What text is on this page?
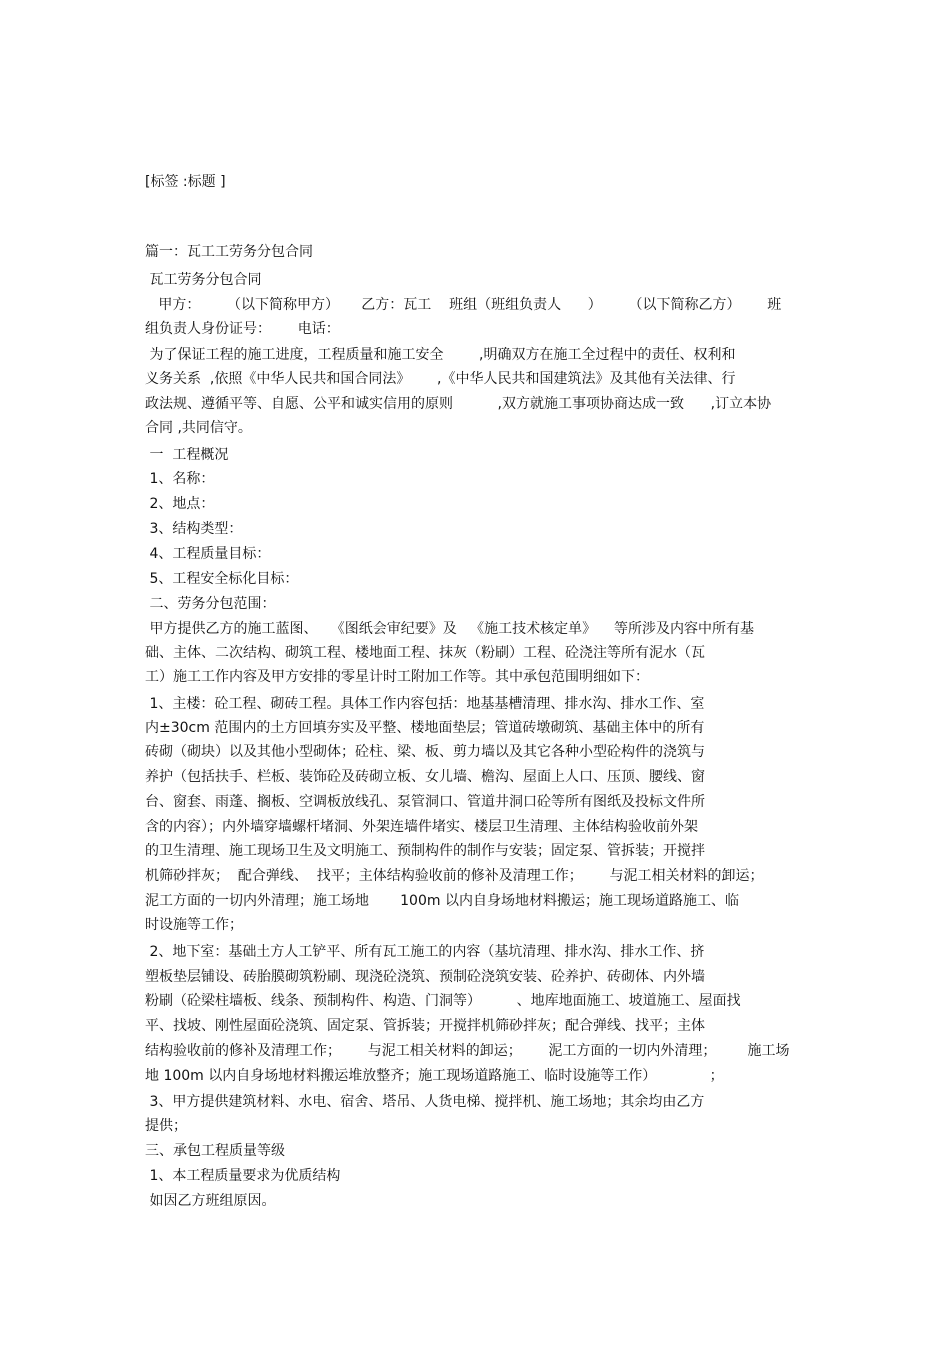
[标签 :标题 ]
篇一：瓦工工劳务分包合同
瓦工劳务分包合同
甲方：      （以下简称甲方）     乙方：瓦工    班组（班组负责人      ）      （以下简称乙方）      班
组负责人身份证号：      电话：
为了保证工程的施工进度，工程质量和施工安全        ,明确双方在施工全过程中的责任、权利和
义务关系  ,依照《中华人民共和国合同法》      ,《中华人民共和国建筑法》及其他有关法律、行
政法规、遵循平等、自愿、公平和诚实信用的原则          ,双方就施工事项协商达成一致      ,订立本协
合同 ,共同信守。
一  工程概况
1、名称：
2、地点：
3、结构类型：
4、工程质量目标：
5、工程安全标化目标：
二、劳务分包范围：
甲方提供乙方的施工蓝图、   《图纸会审纪要》及   《施工技术核定单》    等所涉及内容中所有基
础、主体、二次结构、砌筑工程、楼地面工程、抹灰（粉刷）工程、砼浇注等所有泥水（瓦
工）施工工作内容及甲方安排的零星计时工附加工作等。其中承包范围明细如下：
1、主楼：砼工程、砌砖工程。具体工作内容包括：地基基槽清理、排水沟、排水工作、室
内±30cm 范围内的土方回填夯实及平整、楼地面垫层；管道砖墩砌筑、基础主体中的所有
砖砌（砌块）以及其他小型砌体；砼柱、梁、板、剪力墙以及其它各种小型砼构件的浇筑与
养护（包括扶手、栏板、装饰砼及砖砌立板、女儿墙、檐沟、屋面上人口、压顶、腰线、窗
台、窗套、雨蓬、搁板、空调板放线孔、泵管洞口、管道井洞口砼等所有图纸及投标文件所
含的内容）；内外墙穿墙螺杆堵洞、外架连墙件堵实、楼层卫生清理、主体结构验收前外架
的卫生清理、施工现场卫生及文明施工、预制构件的制作与安装；固定泵、管拆装；开搅拌
机筛砂拌灰；  配合弹线、  找平；主体结构验收前的修补及清理工作；      与泥工相关材料的卸运；
泥工方面的一切内外清理；施工场地       100m 以内自身场地材料搬运；施工现场道路施工、临
时设施等工作；
2、地下室：基础土方人工铲平、所有瓦工施工的内容（基坑清理、排水沟、排水工作、挤
塑板垫层铺设、砖胎膜砌筑粉刷、现浇砼浇筑、预制砼浇筑安装、砼养护、砖砌体、内外墙
粉刷（砼梁柱墙板、线条、预制构件、构造、门洞等）        、地库地面施工、坡道施工、屋面找
平、找坡、刚性屋面砼浇筑、固定泵、管拆装；开搅拌机筛砂拌灰；配合弹线、找平；主体
结构验收前的修补及清理工作；      与泥工相关材料的卸运；      泥工方面的一切内外清理；       施工场
地 100m 以内自身场地材料搬运堆放整齐；施工现场道路施工、临时设施等工作）            ；
3、甲方提供建筑材料、水电、宿舍、塔吊、人货电梯、搅拌机、施工场地；其余均由乙方
提供；
三、承包工程质量等级
1、本工程质量要求为优质结构
如因乙方班组原因。
